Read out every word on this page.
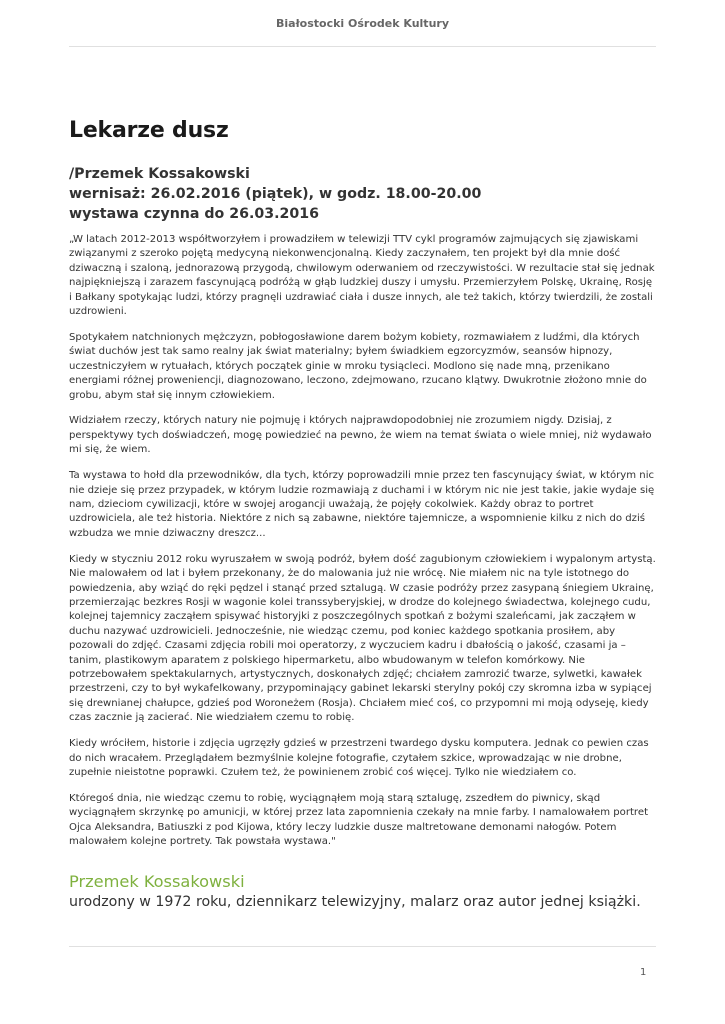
Białostocki Ośrodek Kultury
Lekarze dusz
/Przemek Kossakowski
wernisaż: 26.02.2016 (piątek), w godz. 18.00-20.00
wystawa czynna do 26.03.2016

„W latach 2012-2013 współtworzyłem i prowadziłem w telewizji TTV cykl programów zajmujących się zjawiskami związanymi z szeroko pojętą medycyną niekonwencjonalną. Kiedy zaczynałem, ten projekt był dla mnie dość dziwaczną i szaloną, jednorazową przygodą, chwilowym oderwaniem od rzeczywistości. W rezultacie stał się jednak najpiękniejszą i zarazem fascynującą podróżą w głąb ludzkiej duszy i umysłu. Przemierzyłem Polskę, Ukrainę, Rosję i Bałkany spotykając ludzi, którzy pragnęli uzdrawiać ciała i dusze innych, ale też takich, którzy twierdzili, że zostali uzdrowieni.

Spotykałem natchnionych mężczyzn, pobłogosławione darem bożym kobiety, rozmawiałem z ludźmi, dla których świat duchów jest tak samo realny jak świat materialny; byłem świadkiem egzorcyzmów, seansów hipnozy, uczestniczyłem w rytuałach, których początek ginie w mroku tysiącleci. Modlono się nade mną, przenikano energiami różnej proweniencji, diagnozowano, leczono, zdejmowano, rzucano klątwy. Dwukrotnie złożono mnie do grobu, abym stał się innym człowiekiem.

Widziałem rzeczy, których natury nie pojmuję i których najprawdopodobniej nie zrozumiem nigdy. Dzisiaj, z perspektywy tych doświadczeń, mogę powiedzieć na pewno, że wiem na temat świata o wiele mniej, niż wydawało mi się, że wiem.

Ta wystawa to hołd dla przewodników, dla tych, którzy poprowadzili mnie przez ten fascynujący świat, w którym nic nie dzieje się przez przypadek, w którym ludzie rozmawiają z duchami i w którym nic nie jest takie, jakie wydaje się nam, dzieciom cywilizacji, które w swojej arogancji uważają, że pojęły cokolwiek. Każdy obraz to portret uzdrowiciela, ale też historia. Niektóre z nich są zabawne, niektóre tajemnicze, a wspomnienie kilku z nich do dziś wzbudza we mnie dziwaczny dreszcz...

Kiedy w styczniu 2012 roku wyruszałem w swoją podróż, byłem dość zagubionym człowiekiem i wypalonym artystą. Nie malowałem od lat i byłem przekonany, że do malowania już nie wrócę. Nie miałem nic na tyle istotnego do powiedzenia, aby wziąć do ręki pędzel i stanąć przed sztalugą. W czasie podróży przez zasypaną śniegiem Ukrainę, przemierzając bezkres Rosji w wagonie kolei transsyberyjskiej, w drodze do kolejnego świadectwa, kolejnego cudu, kolejnej tajemnicy zacząłem spisywać historyjki z poszczególnych spotkań z bożymi szaleńcami, jak zacząłem w duchu nazywać uzdrowicieli. Jednocześnie, nie wiedząc czemu, pod koniec każdego spotkania prosiłem, aby pozowali do zdjęć. Czasami zdjęcia robili moi operatorzy, z wyczuciem kadru i dbałością o jakość, czasami ja – tanim, plastikowym aparatem z polskiego hipermarketu, albo wbudowanym w telefon komórkowy. Nie potrzebowałem spektakularnych, artystycznych, doskonałych zdjęć; chciałem zamrozić twarze, sylwetki, kawałek przestrzeni, czy to był wykafelkowany, przypominający gabinet lekarski sterylny pokój czy skromna izba w sypiącej się drewnianej chałupce, gdzieś pod Woroneżem (Rosja). Chciałem mieć coś, co przypomni mi moją odyseję, kiedy czas zacznie ją zacierać. Nie wiedziałem czemu to robię.

Kiedy wróciłem, historie i zdjęcia ugrzęzły gdzieś w przestrzeni twardego dysku komputera. Jednak co pewien czas do nich wracałem. Przeglądałem bezmyślnie kolejne fotografie, czytałem szkice, wprowadzając w nie drobne, zupełnie nieistotne poprawki. Czułem też, że powinienem zrobić coś więcej. Tylko nie wiedziałem co.

Któregoś dnia, nie wiedząc czemu to robię, wyciągnąłem moją starą sztalugę, zszedłem do piwnicy, skąd wyciągnąłem skrzynkę po amunicji, w której przez lata zapomnienia czekały na mnie farby. I namalowałem portret Ojca Aleksandra, Batiuszki z pod Kijowa, który leczy ludzkie dusze maltretowane demonami nałogów. Potem malowałem kolejne portrety. Tak powstała wystawa."

Przemek Kossakowski

urodzony w 1972 roku, dziennikarz telewizyjny, malarz oraz autor jednej książki.

1
